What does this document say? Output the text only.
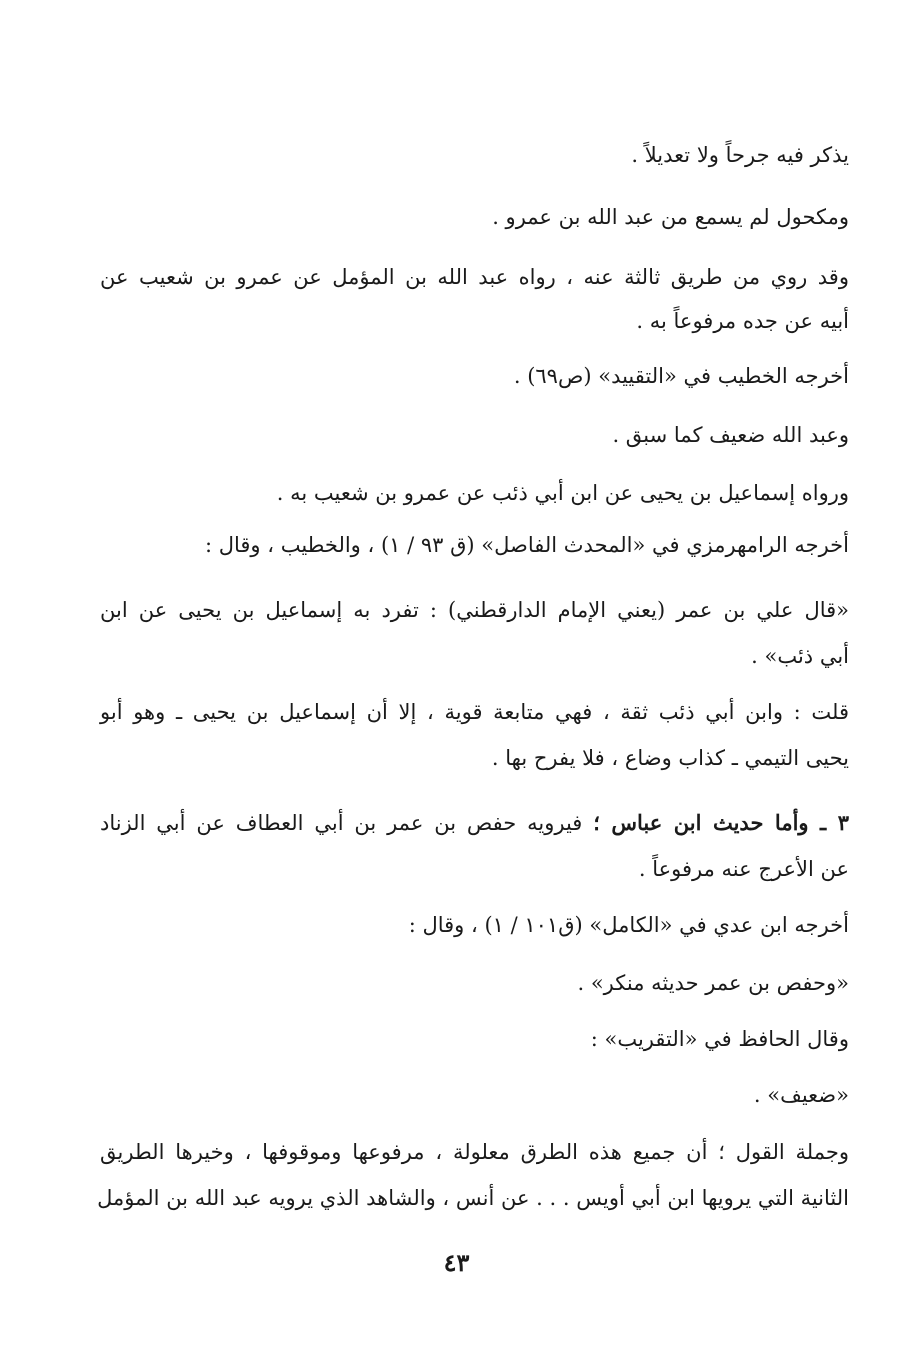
يذكر فيه جرحاً ولا تعديلاً .
ومكحول لم يسمع من عبد الله بن عمرو .
وقد روي من طريق ثالثة عنه ، رواه عبد الله بن المؤمل عن عمرو بن شعيب عن
أبيه عن جده مرفوعاً به .
أخرجه الخطيب في «التقييد» (ص٦٩) .
وعبد الله ضعيف كما سبق .
ورواه إسماعيل بن يحيى عن ابن أبي ذئب عن عمرو بن شعيب به .
أخرجه الرامهرمزي في «المحدث الفاصل» (ق ٩٣ / ١) ، والخطيب ، وقال :
«قال علي بن عمر (يعني الإمام الدارقطني) : تفرد به إسماعيل بن يحيى عن ابن
أبي ذئب» .
قلت : وابن أبي ذئب ثقة ، فهي متابعة قوية ، إلا أن إسماعيل بن يحيى ـ وهو أبو
يحيى التيمي ـ كذاب وضاع ، فلا يفرح بها .
٣ ـ وأما حديث ابن عباس ؛ فيرويه حفص بن عمر بن أبي العطاف عن أبي الزناد
عن الأعرج عنه مرفوعاً .
أخرجه ابن عدي في «الكامل» (ق١٠١ / ١) ، وقال :
«وحفص بن عمر حديثه منكر» .
وقال الحافظ في «التقريب» :
«ضعيف» .
وجملة القول ؛ أن جميع هذه الطرق معلولة ، مرفوعها وموقوفها ، وخيرها الطريق
الثانية التي يرويها ابن أبي أويس . . . عن أنس ، والشاهد الذي يرويه عبد الله بن المؤمل
٤٣
